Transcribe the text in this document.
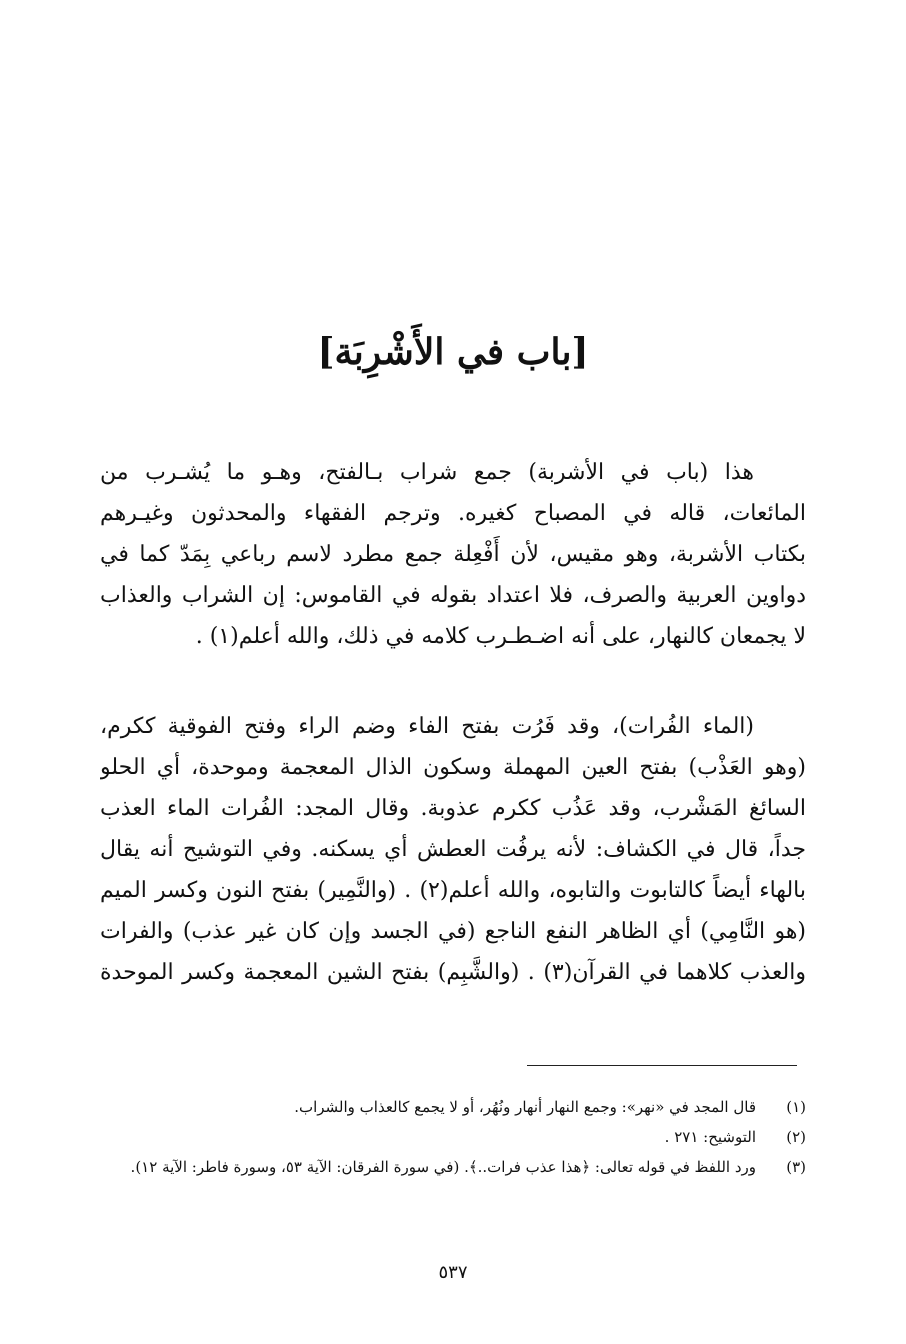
[باب في الأَشْرِبَة]
هذا (باب في الأشربة) جمع شراب بـالفتح، وهـو ما يُشـرب من
المائعات، قاله في المصباح كغيره. وترجم الفقهاء والمحدثون وغيـرهم
بكتاب الأشربة، وهو مقيس، لأن أَفْعِلة جمع مطرد لاسم رباعي بِمَدّ كما في
دواوين العربية والصرف، فلا اعتداد بقوله في القاموس: إن الشراب والعذاب
لا يجمعان كالنهار، على أنه اضـطـرب كلامه في ذلك، والله أعلم(١) .
(الماء الفُرات)، وقد فَرُت بفتح الفاء وضم الراء وفتح الفوقية ككرم،
(وهو العَذْب) بفتح العين المهملة وسكون الذال المعجمة وموحدة، أي الحلو
السائغ المَشْرب، وقد عَذُب ككرم عذوبة. وقال المجد: الفُرات الماء العذب
جداً، قال في الكشاف: لأنه يرفُت العطش أي يسكنه. وفي التوشيح أنه يقال
بالهاء أيضاً كالتابوت والتابوه، والله أعلم(٢) . (والنَّمِير) بفتح النون وكسر الميم
(هو النَّامِي) أي الظاهر النفع الناجع (في الجسد وإن كان غير عذب) والفرات
والعذب كلاهما في القرآن(٣) . (والشَّبِم) بفتح الشين المعجمة وكسر الموحدة
(١)
قال المجد في «نهر»: وجمع النهار أنهار ونُهُر، أو لا يجمع كالعذاب والشراب.
(٢)
التوشيح: ٢٧١ .
(٣)
ورد اللفظ في قوله تعالى: ﴿هذا عذب فرات..﴾. (في سورة الفرقان: الآية ٥٣، وسورة فاطر: الآية ١٢).
٥٣٧
